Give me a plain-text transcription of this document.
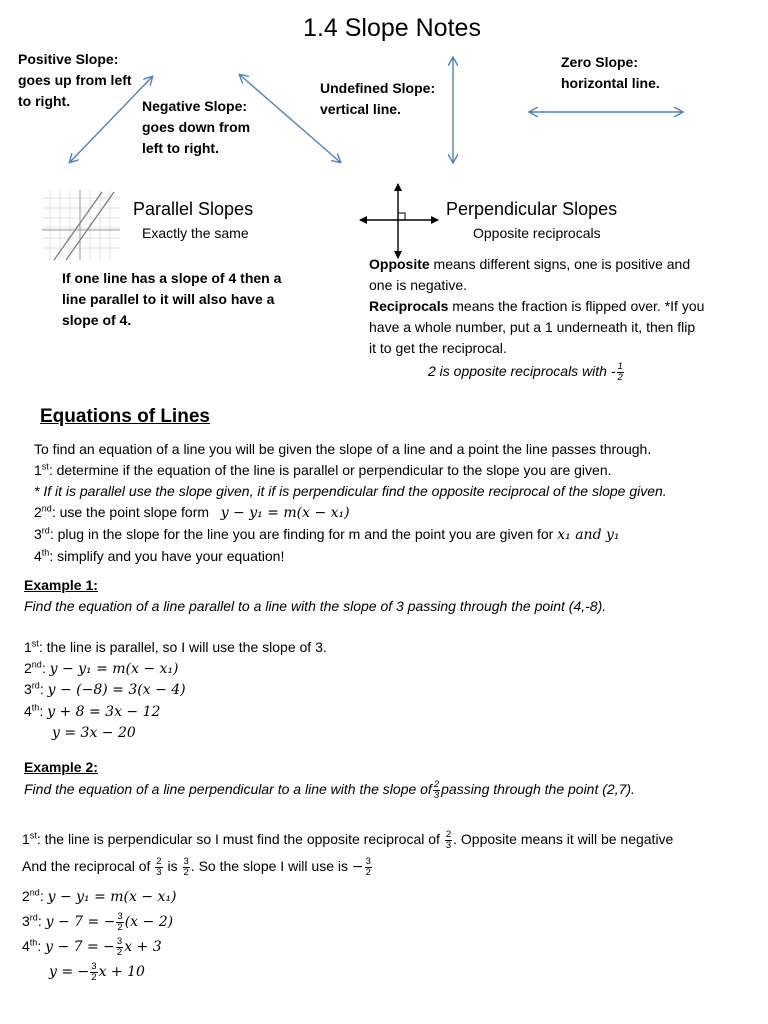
1.4 Slope Notes
Positive Slope:
goes up from left
to right.	Negative Slope:
goes down from
left to right.
Undefined Slope:
vertical line.
Zero Slope:
horizontal line.
Parallel Slopes
Exactly the same
If one line has a slope of 4 then a
line parallel to it will also have a
slope of 4.
Perpendicular Slopes
Opposite reciprocals
Opposite means different signs, one is positive and
one is negative.
Reciprocals means the fraction is flipped over. *If you
have a whole number, put a 1 underneath it, then flip
it to get the reciprocal.
2 is opposite reciprocals with - $\frac{1}{2}$
Equations of Lines
To find an equation of a line you will be given the slope of a line and a point the line passes through.
1st: determine if the equation of the line is parallel or perpendicular to the slope you are given.
* If it is parallel use the slope given, it if is perpendicular find the opposite reciprocal of the slope given.
2nd: use the point slope form y − y₁ = m(x − x₁)
3rd: plug in the slope for the line you are finding for m and the point you are given for x₁ and y₁
4th: simplify and you have your equation!
Example 1:
Find the equation of a line parallel to a line with the slope of 3 passing through the point (4,-8).
1st: the line is parallel, so I will use the slope of 3.
2nd: y − y₁ = m(x − x₁)
3rd: y − (−8) = 3(x − 4)
4th: y + 8 = 3x − 12
y = 3x − 20
Example 2:
Find the equation of a line perpendicular to a line with the slope of $\frac{2}{3}$ passing through the point (2,7).
1st: the line is perpendicular so I must find the opposite reciprocal of $\frac{2}{3}$ . Opposite means it will be negative
And the reciprocal of $\frac{2}{3}$ is $\frac{3}{2}$ . So the slope I will use is − $\frac{3}{2}$
2nd: y − y₁ = m(x − x₁)
3rd: y − 7 = − $\frac{3}{2} (x - 2)$
4th: y − 7 = − $\frac{3}{2}$ x + 3
y = − $\frac{3}{2}$ x + 10
